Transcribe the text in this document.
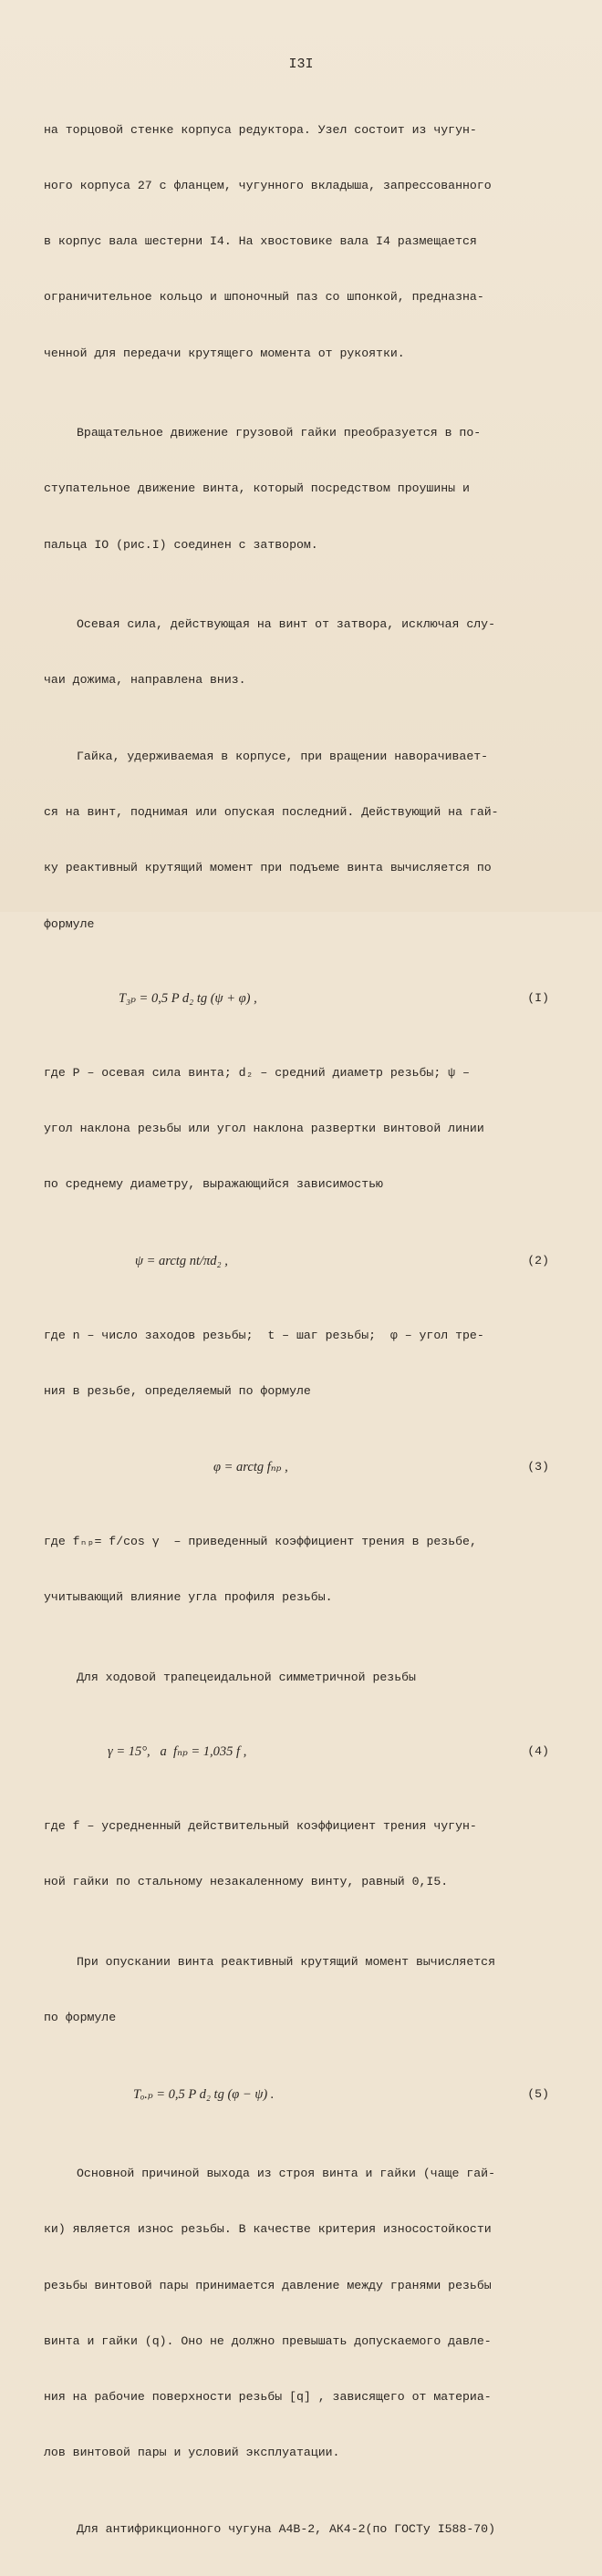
I3I

на торцовой стенке корпуса редуктора. Узел состоит из чугун-

ного корпуса 27 с фланцем, чугунного вкладыша, запрессованного

в корпус вала шестерни I4. На хвостовике вала I4 размещается

ограничительное кольцо и шпоночный паз со шпонкой, предназна-

ченной для передачи крутящего момента от рукоятки.

Вращательное движение грузовой гайки преобразуется в по-

ступательное движение винта, который посредством проушины и

пальца IO (рис.I) соединен с затвором.

Осевая сила, действующая на винт от затвора, исключая слу-

чаи дожима, направлена вниз.

Гайка, удерживаемая в корпусе, при вращении наворачивает-

ся на винт, поднимая или опуская последний. Действующий на гай-

ку реактивный крутящий момент при подъеме винта вычисляется по

формуле

T₃ₚ = 0,5 P d₂ tg (ψ + φ) ,

	(I)

где P – осевая сила винта; d₂ – средний диаметр резьбы; ψ –

угол наклона резьбы или угол наклона развертки винтовой линии

по среднему диаметру, выражающийся зависимостью

ψ = arctg nt/πd₂ ,

	(2)

где n – число заходов резьбы;  t – шаг резьбы;  φ – угол тре-

ния в резьбе, определяемый по формуле

φ = arctg fₙₚ ,

	(3)

где fₙₚ= f/cos γ  – приведенный коэффициент трения в резьбе,

учитывающий влияние угла профиля резьбы.

Для ходовой трапецеидальной симметричной резьбы

γ = 15°,   a  fₙₚ = 1,035 f ,

	(4)

где f – усредненный действительный коэффициент трения чугун-

ной гайки по стальному незакаленному винту, равный 0,I5.

При опускании винта реактивный крутящий момент вычисляется

по формуле

Tₒ.ₚ = 0,5 P d₂ tg (φ − ψ) .

	(5)

Основной причиной выхода из строя винта и гайки (чаще гай-

ки) является износ резьбы. В качестве критерия износостойкости

резьбы винтовой пары принимается давление между гранями резьбы

винта и гайки (q). Оно не должно превышать допускаемого давле-

ния на рабочие поверхности резьбы [q] , зависящего от материа-

лов винтовой пары и условий эксплуатации.

Для антифрикционного чугуна А4В-2, АК4-2(по ГОСТу I588-70)
